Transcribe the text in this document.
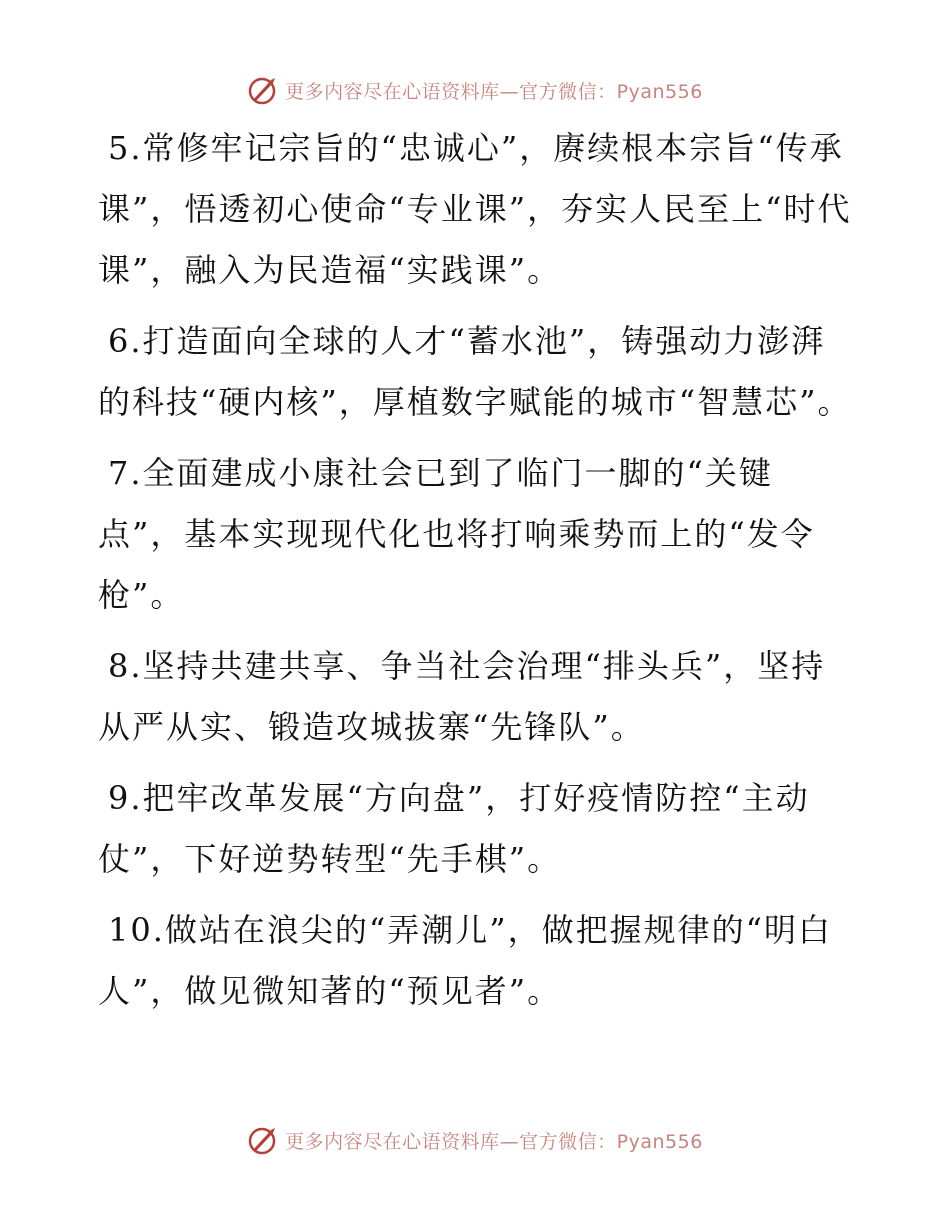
更多内容尽在心语资料库—官方微信：Pyan556

5.常修牢记宗旨的“忠诚心”，赓续根本宗旨“传承课”，悟透初心使命“专业课”，夯实人民至上“时代课”，融入为民造福“实践课”。

6.打造面向全球的人才“蓄水池”，铸强动力澎湃的科技“硬内核”，厚植数字赋能的城市“智慧芯”。

7.全面建成小康社会已到了临门一脚的“关键点”，基本实现现代化也将打响乘势而上的“发令枪”。

8.坚持共建共享、争当社会治理“排头兵”，坚持从严从实、锻造攻城拔寨“先锋队”。

9.把牢改革发展“方向盘”，打好疫情防控“主动仗”，下好逆势转型“先手棋”。

10.做站在浪尖的“弄潮儿”，做把握规律的“明白人”，做见微知著的“预见者”。

更多内容尽在心语资料库—官方微信：Pyan556
